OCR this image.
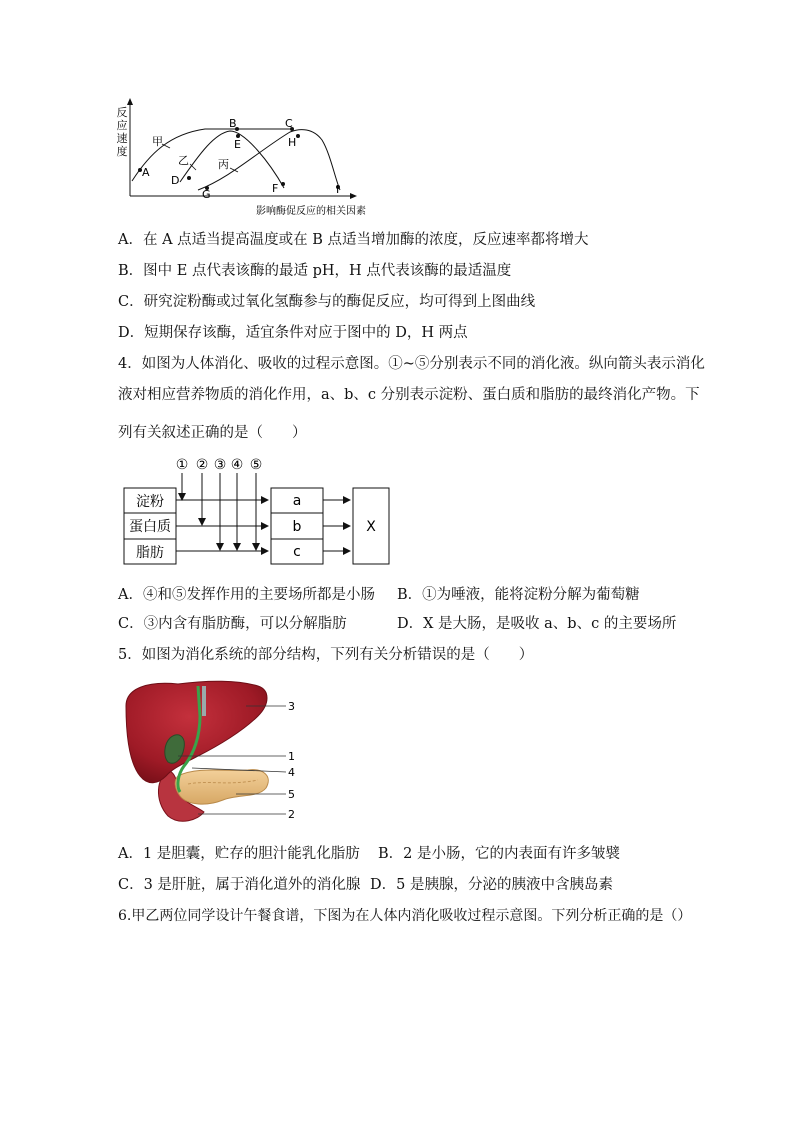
反
应
速
度
A
B	C
D
E
F
G
H
I
甲
乙	丙
影响酶促反应的相关因素
A．在 A 点适当提高温度或在 B 点适当增加酶的浓度，反应速率都将增大
B．图中 E 点代表该酶的最适 pH，H 点代表该酶的最适温度
C．研究淀粉酶或过氧化氢酶参与的酶促反应，均可得到上图曲线
D．短期保存该酶，适宜条件对应于图中的 D，H 两点
4．如图为人体消化、吸收的过程示意图。①~⑤分别表示不同的消化液。纵向箭头表示消化
液对相应营养物质的消化作用，a、b、c 分别表示淀粉、蛋白质和脂肪的最终消化产物。下
列有关叙述正确的是（　　）
① ② ③ ④ ⑤
淀粉
蛋白质
脂肪
a
b
c
X
A．④和⑤发挥作用的主要场所都是小肠 B．①为唾液，能将淀粉分解为葡萄糖
C．③内含有脂肪酶，可以分解脂肪	D．X 是大肠，是吸收 a、b、c 的主要场所
5．如图为消化系统的部分结构，下列有关分析错误的是（　　）
3
1
4
5
2
A．1 是胆囊，贮存的胆汁能乳化脂肪 B．2 是小肠，它的内表面有许多皱襞
C．3 是肝脏，属于消化道外的消化腺 D．5 是胰腺，分泌的胰液中含胰岛素
6.甲乙两位同学设计午餐食谱，下图为在人体内消化吸收过程示意图。下列分析正确的是（）
